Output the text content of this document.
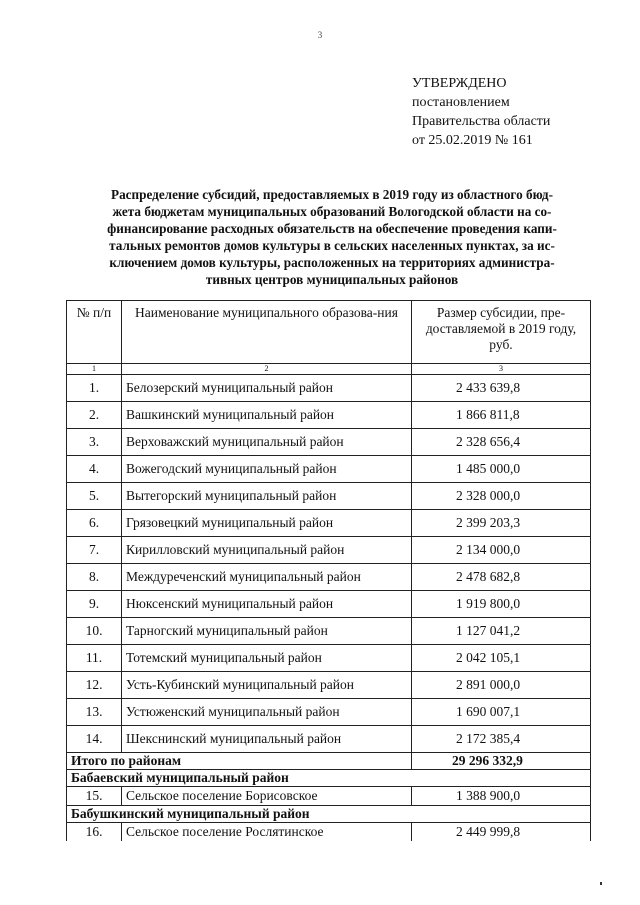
3
УТВЕРЖДЕНО
постановлением
Правительства области
от 25.02.2019 № 161
Распределение субсидий, предоставляемых в 2019 году из областного бюд-
жета бюджетам муниципальных образований Вологодской области на со-
финансирование расходных обязательств на обеспечение проведения капи-
тальных ремонтов домов культуры в сельских населенных пунктах, за ис-
ключением домов культуры, расположенных на территориях администра-
тивных центров муниципальных районов
№ п/п	Наименование муниципального образова-ния	Размер субсидии, пре-доставляемой в 2019 году, руб.
1	2	3
1.	Белозерский муниципальный район	2 433 639,8
2.	Вашкинский муниципальный район	1 866 811,8
3.	Верховажский муниципальный район	2 328 656,4
4.	Вожегодский муниципальный район	1 485 000,0
5.	Вытегорский муниципальный район	2 328 000,0
6.	Грязовецкий муниципальный район	2 399 203,3
7.	Кирилловский муниципальный район	2 134 000,0
8.	Междуреченский муниципальный район	2 478 682,8
9.	Нюксенский муниципальный район	1 919 800,0
10.	Тарногский муниципальный район	1 127 041,2
11.	Тотемский муниципальный район	2 042 105,1
12.	Усть-Кубинский муниципальный район	2 891 000,0
13.	Устюженский муниципальный район	1 690 007,1
14.	Шекснинский муниципальный район	2 172 385,4
Итого по районам		29 296 332,9
Бабаевский муниципальный район		
15.	Сельское поселение Борисовское	1 388 900,0
Бабушкинский муниципальный район		
16.	Сельское поселение Рослятинское	2 449 999,8
